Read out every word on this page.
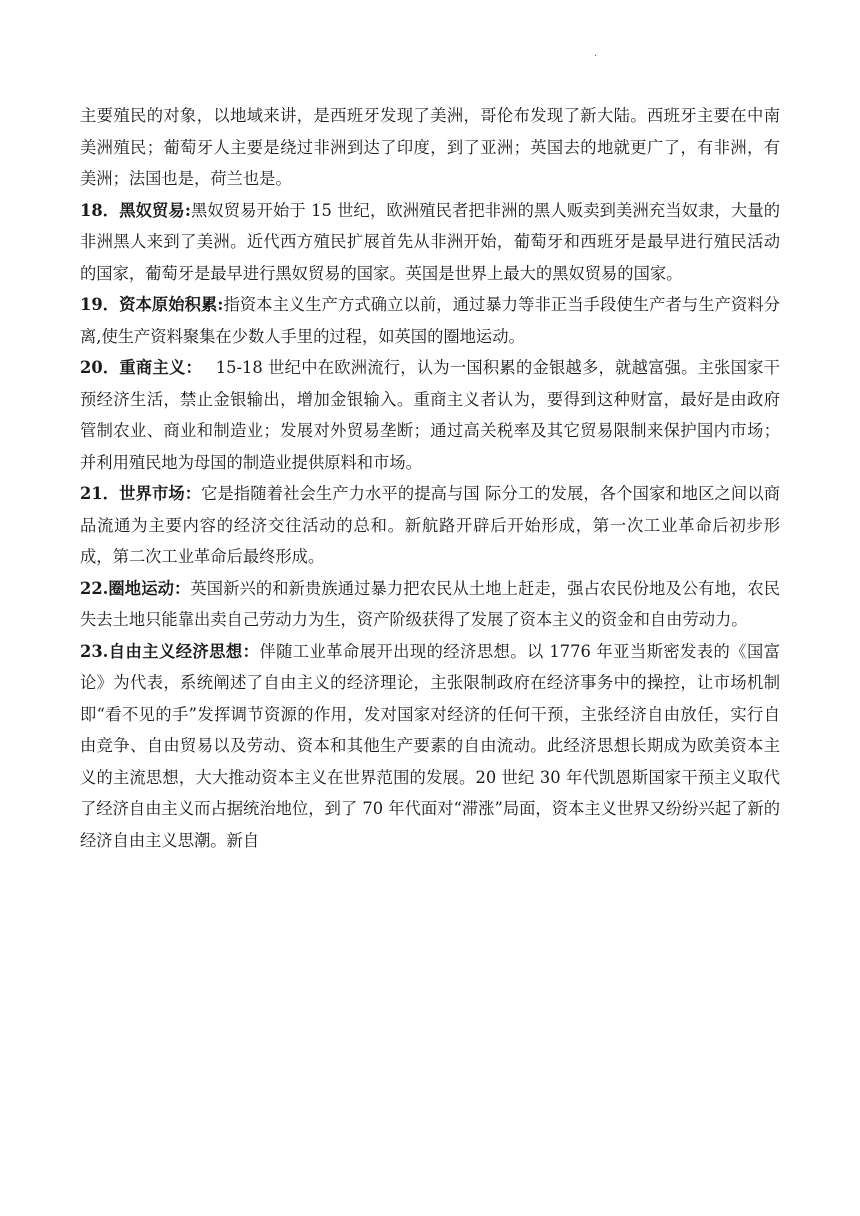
·

主要殖民的对象，以地域来讲，是西班牙发现了美洲，哥伦布发现了新大陆。西班牙主要在中南美洲殖民；葡萄牙人主要是绕过非洲到达了印度，到了亚洲；英国去的地就更广了，有非洲，有美洲；法国也是，荷兰也是。

18．黑奴贸易:黑奴贸易开始于 15 世纪，欧洲殖民者把非洲的黑人贩卖到美洲充当奴隶，大量的非洲黑人来到了美洲。近代西方殖民扩展首先从非洲开始，葡萄牙和西班牙是最早进行殖民活动的国家，葡萄牙是最早进行黑奴贸易的国家。英国是世界上最大的黑奴贸易的国家。

19．资本原始积累:指资本主义生产方式确立以前，通过暴力等非正当手段使生产者与生产资料分离,使生产资料聚集在少数人手里的过程，如英国的圈地运动。

20．重商主义：　 15-18 世纪中在欧洲流行，认为一国积累的金银越多，就越富强。主张国家干预经济生活，禁止金银输出，增加金银输入。重商主义者认为，要得到这种财富，最好是由政府管制农业、商业和制造业；发展对外贸易垄断；通过高关税率及其它贸易限制来保护国内市场；并利用殖民地为母国的制造业提供原料和市场。

21．世界市场：它是指随着社会生产力水平的提高与国 际分工的发展，各个国家和地区之间以商品流通为主要内容的经济交往活动的总和。新航路开辟后开始形成，第一次工业革命后初步形成，第二次工业革命后最终形成。

22.圈地运动：英国新兴的和新贵族通过暴力把农民从土地上赶走，强占农民份地及公有地，农民失去土地只能靠出卖自己劳动力为生，资产阶级获得了发展了资本主义的资金和自由劳动力。

23.自由主义经济思想：伴随工业革命展开出现的经济思想。以 1776 年亚当斯密发表的《国富论》为代表，系统阐述了自由主义的经济理论，主张限制政府在经济事务中的操控，让市场机制即“看不见的手”发挥调节资源的作用，发对国家对经济的任何干预，主张经济自由放任，实行自由竞争、自由贸易以及劳动、资本和其他生产要素的自由流动。此经济思想长期成为欧美资本主义的主流思想，大大推动资本主义在世界范围的发展。20 世纪 30 年代凯恩斯国家干预主义取代了经济自由主义而占据统治地位，到了 70 年代面对“滞涨”局面，资本主义世界又纷纷兴起了新的经济自由主义思潮。新自
